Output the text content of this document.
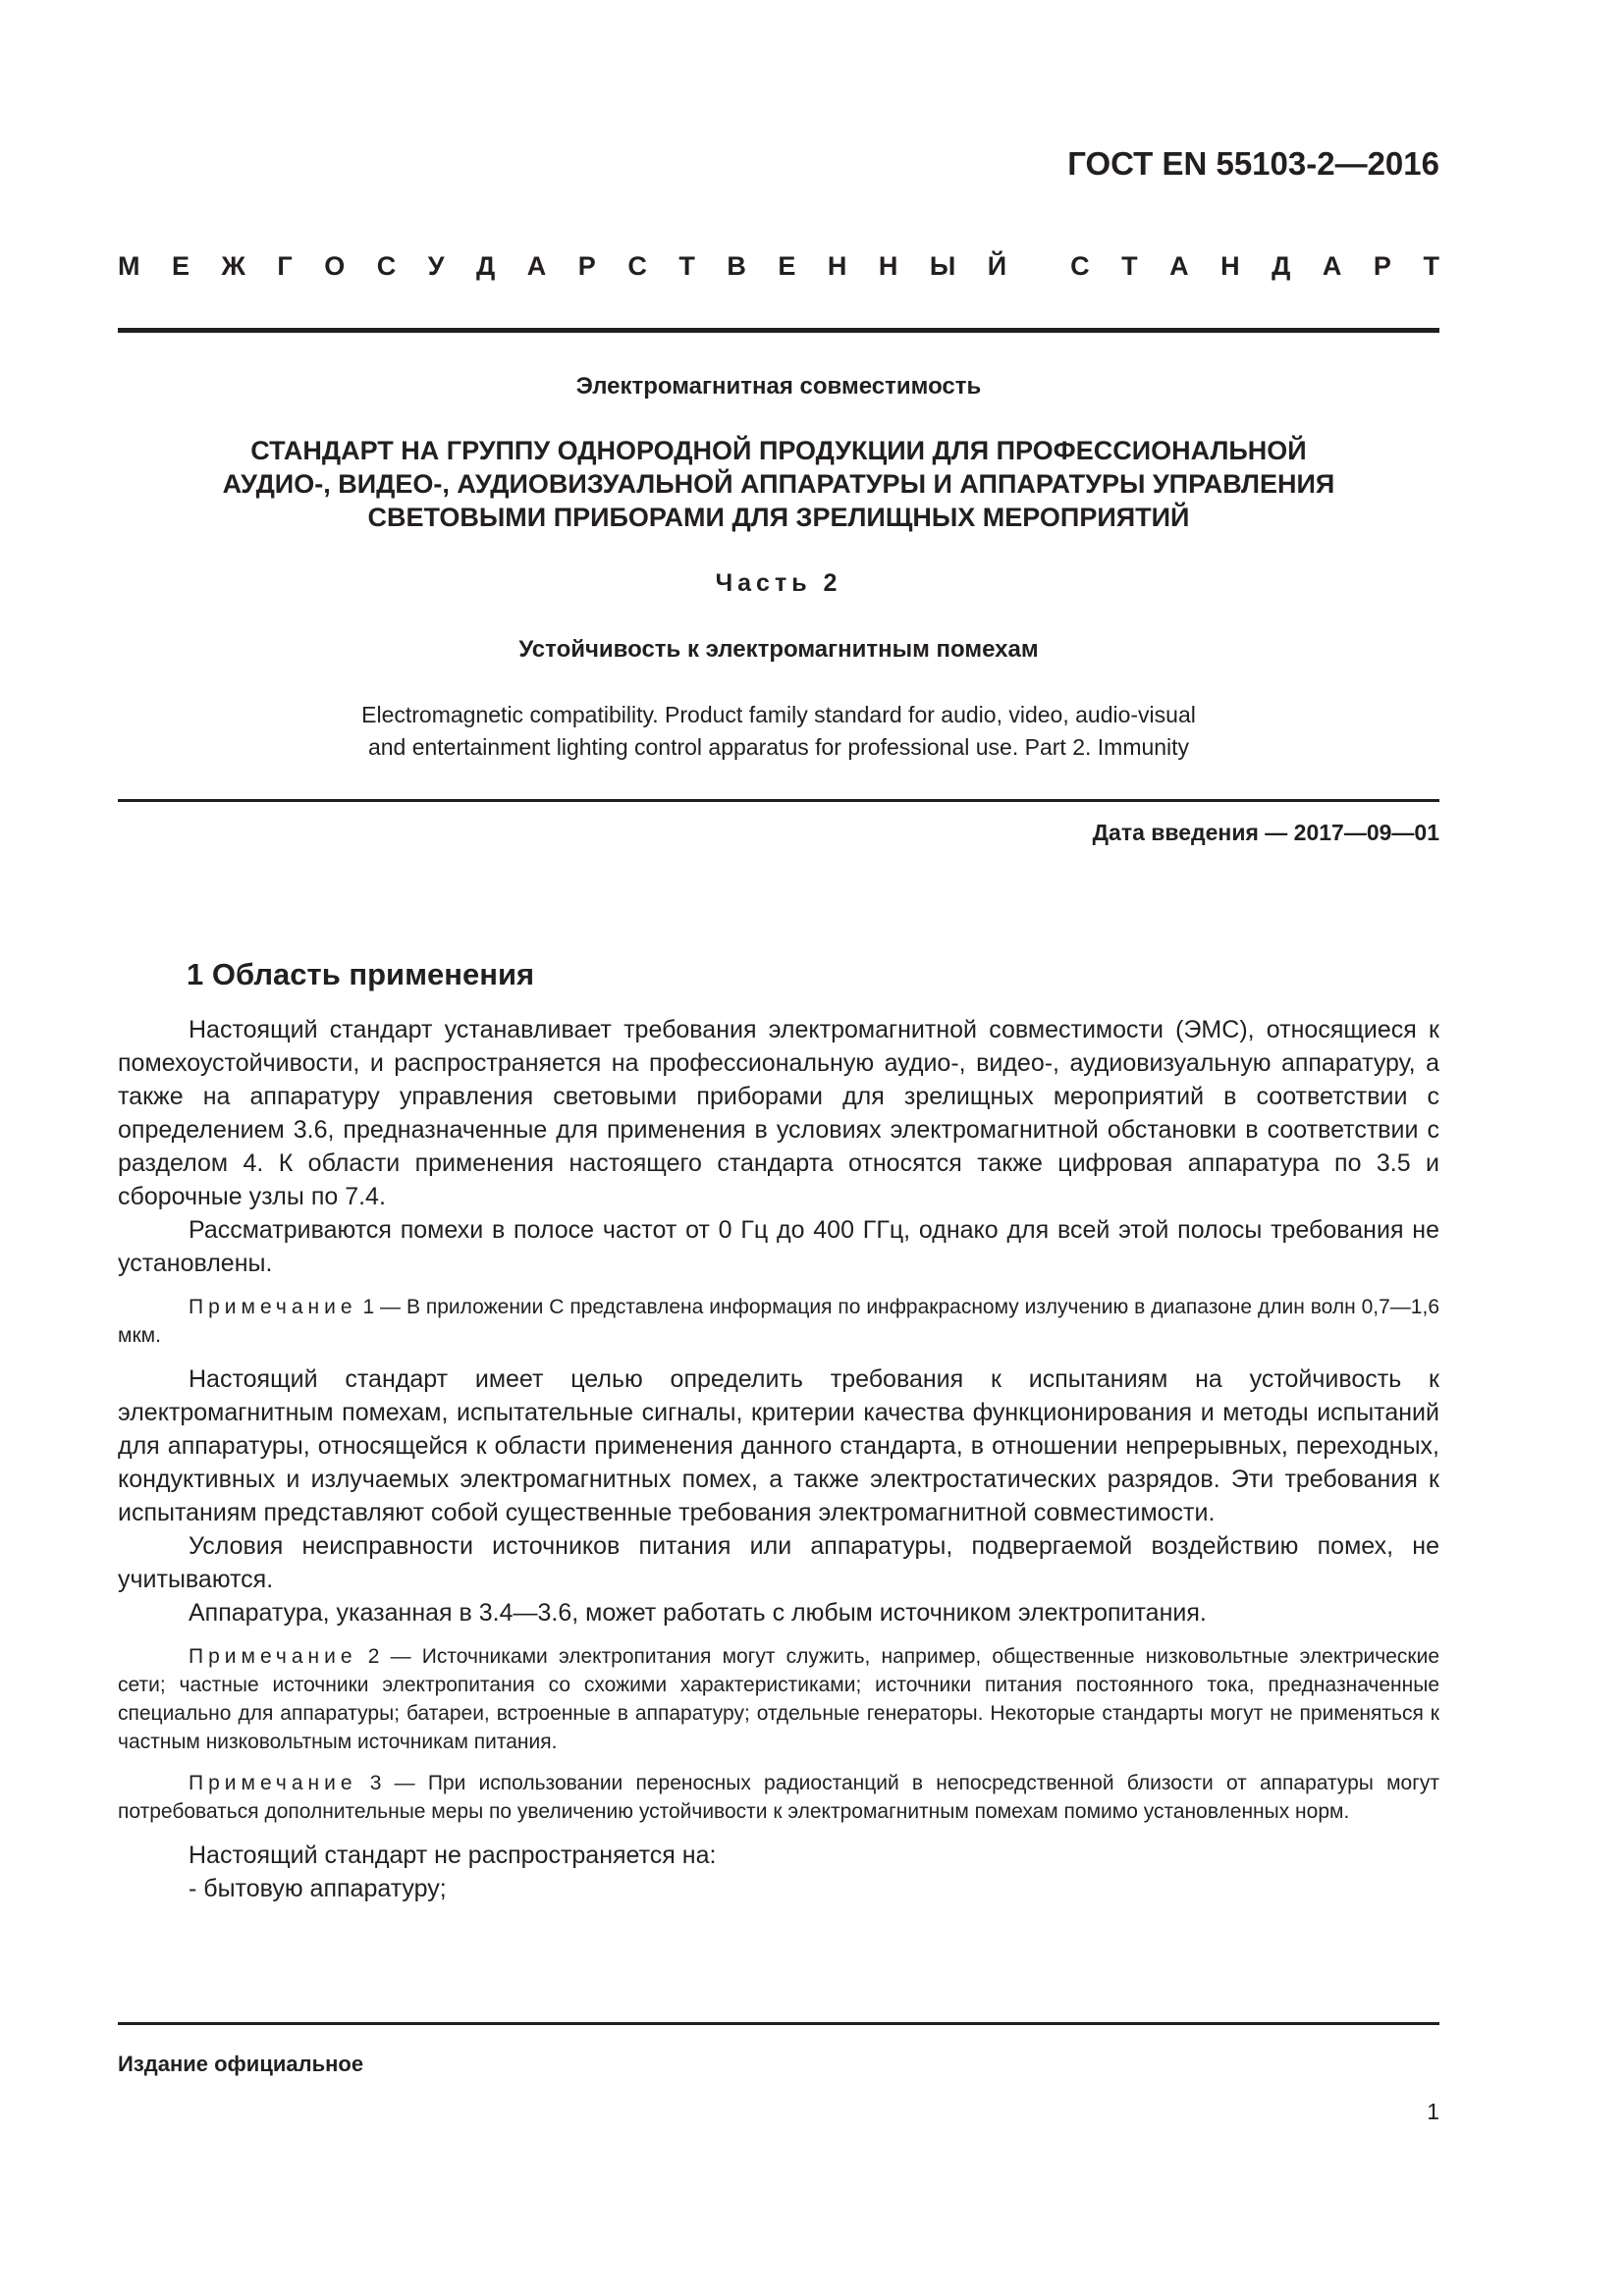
ГОСТ EN 55103-2—2016

М Е Ж Г О С У Д А Р С Т В Е Н Н Ы Й С Т А Н Д А Р Т

Электромагнитная совместимость

СТАНДАРТ НА ГРУППУ ОДНОРОДНОЙ ПРОДУКЦИИ ДЛЯ ПРОФЕССИОНАЛЬНОЙ
АУДИО-, ВИДЕО-, АУДИОВИЗУАЛЬНОЙ АППАРАТУРЫ И АППАРАТУРЫ УПРАВЛЕНИЯ
СВЕТОВЫМИ ПРИБОРАМИ ДЛЯ ЗРЕЛИЩНЫХ МЕРОПРИЯТИЙ

Часть 2

Устойчивость к электромагнитным помехам

Electromagnetic compatibility. Product family standard for audio, video, audio-visual
and entertainment lighting control apparatus for professional use. Part 2. Immunity

Дата введения — 2017—09—01

1 Область применения

Настоящий стандарт устанавливает требования электромагнитной совместимости (ЭМС), относящиеся к помехоустойчивости, и распространяется на профессиональную аудио-, видео-, аудиовизуальную аппаратуру, а также на аппаратуру управления световыми приборами для зрелищных мероприятий в соответствии с определением 3.6, предназначенные для применения в условиях электромагнитной обстановки в соответствии с разделом 4. К области применения настоящего стандарта относятся также цифровая аппаратура по 3.5 и сборочные узлы по 7.4.

Рассматриваются помехи в полосе частот от 0 Гц до 400 ГГц, однако для всей этой полосы требования не установлены.

Примечание 1 — В приложении С представлена информация по инфракрасному излучению в диапазоне длин волн 0,7—1,6 мкм.

Настоящий стандарт имеет целью определить требования к испытаниям на устойчивость к электромагнитным помехам, испытательные сигналы, критерии качества функционирования и методы испытаний для аппаратуры, относящейся к области применения данного стандарта, в отношении непрерывных, переходных, кондуктивных и излучаемых электромагнитных помех, а также электростатических разрядов. Эти требования к испытаниям представляют собой существенные требования электромагнитной совместимости.

Условия неисправности источников питания или аппаратуры, подвергаемой воздействию помех, не учитываются.

Аппаратура, указанная в 3.4—3.6, может работать с любым источником электропитания.

Примечание 2 — Источниками электропитания могут служить, например, общественные низковольтные электрические сети; частные источники электропитания со схожими характеристиками; источники питания постоянного тока, предназначенные специально для аппаратуры; батареи, встроенные в аппаратуру; отдельные генераторы. Некоторые стандарты могут не применяться к частным низковольтным источникам питания.

Примечание 3 — При использовании переносных радиостанций в непосредственной близости от аппаратуры могут потребоваться дополнительные меры по увеличению устойчивости к электромагнитным помехам помимо установленных норм.

Настоящий стандарт не распространяется на:

- бытовую аппаратуру;

Издание официальное

1
